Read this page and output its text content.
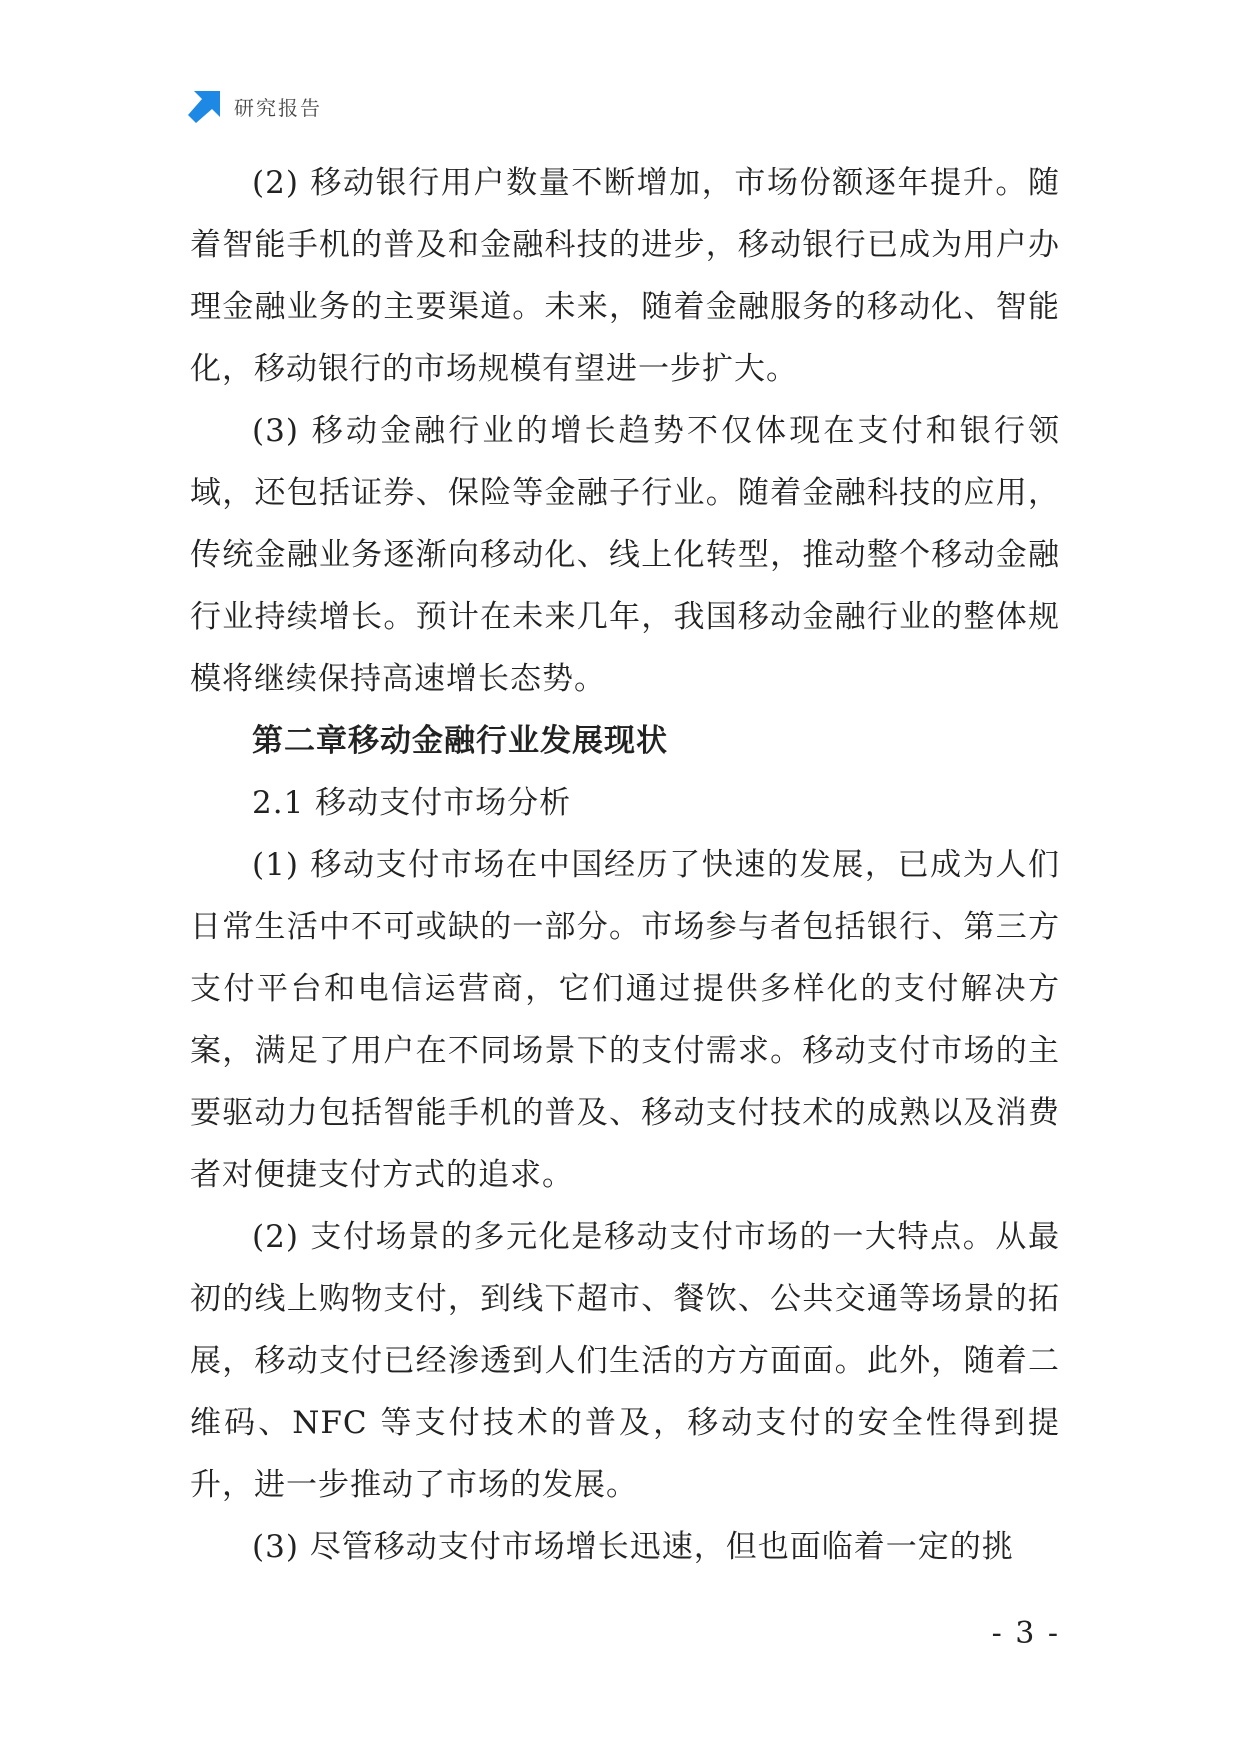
研究报告

(2) 移动银行用户数量不断增加，市场份额逐年提升。随着智能手机的普及和金融科技的进步，移动银行已成为用户办理金融业务的主要渠道。未来，随着金融服务的移动化、智能化，移动银行的市场规模有望进一步扩大。

(3) 移动金融行业的增长趋势不仅体现在支付和银行领域，还包括证券、保险等金融子行业。随着金融科技的应用，传统金融业务逐渐向移动化、线上化转型，推动整个移动金融行业持续增长。预计在未来几年，我国移动金融行业的整体规模将继续保持高速增长态势。

第二章移动金融行业发展现状
2.1 移动支付市场分析

(1) 移动支付市场在中国经历了快速的发展，已成为人们日常生活中不可或缺的一部分。市场参与者包括银行、第三方支付平台和电信运营商，它们通过提供多样化的支付解决方案，满足了用户在不同场景下的支付需求。移动支付市场的主要驱动力包括智能手机的普及、移动支付技术的成熟以及消费者对便捷支付方式的追求。

(2) 支付场景的多元化是移动支付市场的一大特点。从最初的线上购物支付，到线下超市、餐饮、公共交通等场景的拓展，移动支付已经渗透到人们生活的方方面面。此外，随着二维码、NFC 等支付技术的普及，移动支付的安全性得到提升，进一步推动了市场的发展。

(3) 尽管移动支付市场增长迅速，但也面临着一定的挑

- 3 -
